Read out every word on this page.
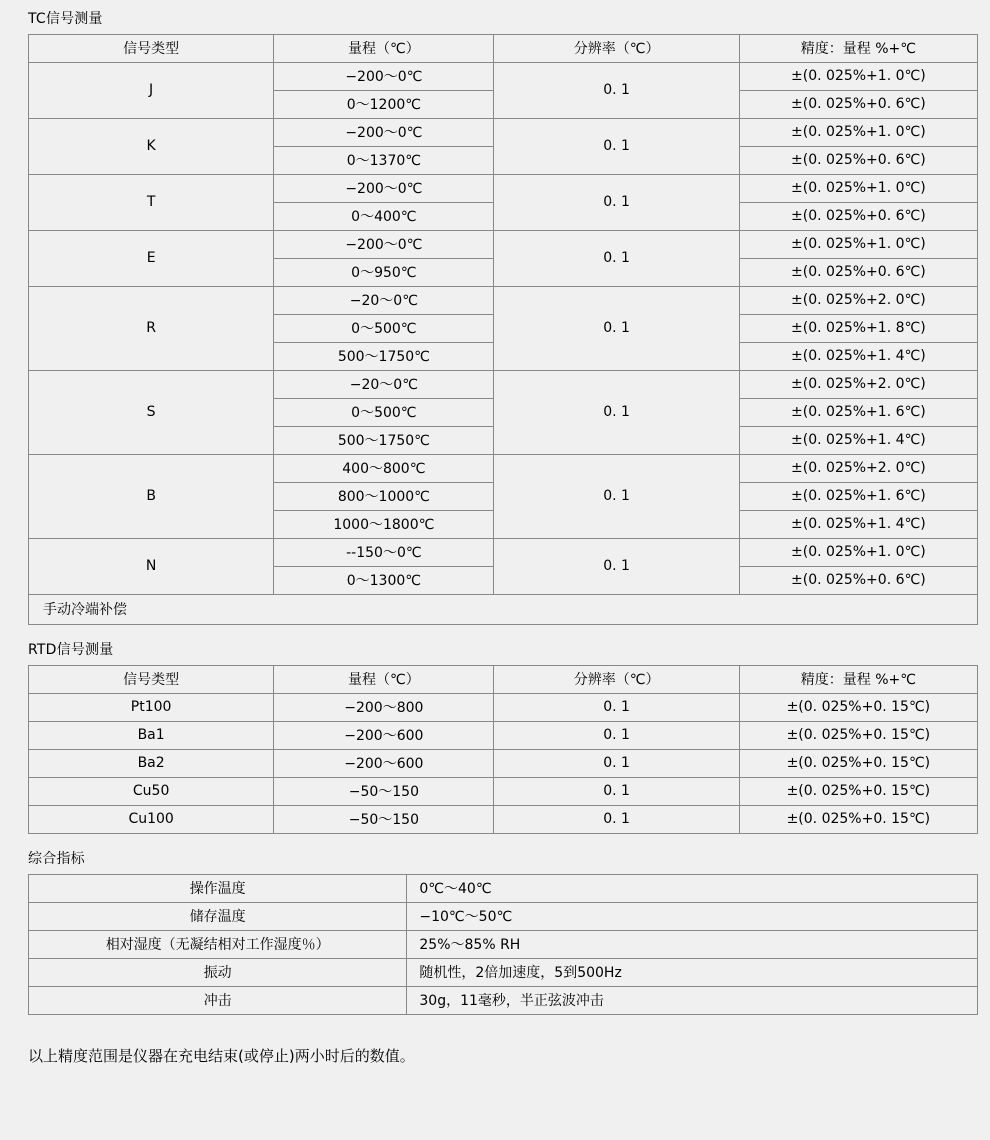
TC信号测量
信号类型	量程（℃）	分辨率（℃）	精度：量程 %+℃
J	−200～0℃	0. 1	±(0. 025%+1. 0℃)
	0～1200℃		±(0. 025%+0. 6℃)
K	−200～0℃	0. 1	±(0. 025%+1. 0℃)
	0～1370℃		±(0. 025%+0. 6℃)
T	−200～0℃	0. 1	±(0. 025%+1. 0℃)
	0～400℃		±(0. 025%+0. 6℃)
E	−200～0℃	0. 1	±(0. 025%+1. 0℃)
	0～950℃		±(0. 025%+0. 6℃)
R	−20～0℃	0. 1	±(0. 025%+2. 0℃)
	0～500℃		±(0. 025%+1. 8℃)
	500～1750℃		±(0. 025%+1. 4℃)
S	−20～0℃	0. 1	±(0. 025%+2. 0℃)
	0～500℃		±(0. 025%+1. 6℃)
	500～1750℃		±(0. 025%+1. 4℃)
B	400～800℃	0. 1	±(0. 025%+2. 0℃)
	800～1000℃		±(0. 025%+1. 6℃)
	1000～1800℃		±(0. 025%+1. 4℃)
N	--150～0℃	0. 1	±(0. 025%+1. 0℃)
	0～1300℃		±(0. 025%+0. 6℃)
手动冷端补偿			
RTD信号测量
信号类型	量程（℃）	分辨率（℃）	精度：量程 %+℃
Pt100	−200～800	0. 1	±(0. 025%+0. 15℃)
Ba1	−200～600	0. 1	±(0. 025%+0. 15℃)
Ba2	−200～600	0. 1	±(0. 025%+0. 15℃)
Cu50	−50～150	0. 1	±(0. 025%+0. 15℃)
Cu100	−50～150	0. 1	±(0. 025%+0. 15℃)
综合指标
操作温度	0℃～40℃
储存温度	−10℃～50℃
相对湿度（无凝结相对工作湿度％）	25%～85% RH
振动	随机性，2倍加速度，5到500Hz
冲击	30g，11毫秒，半正弦波冲击
以上精度范围是仪器在充电结束(或停止)两小时后的数值。
